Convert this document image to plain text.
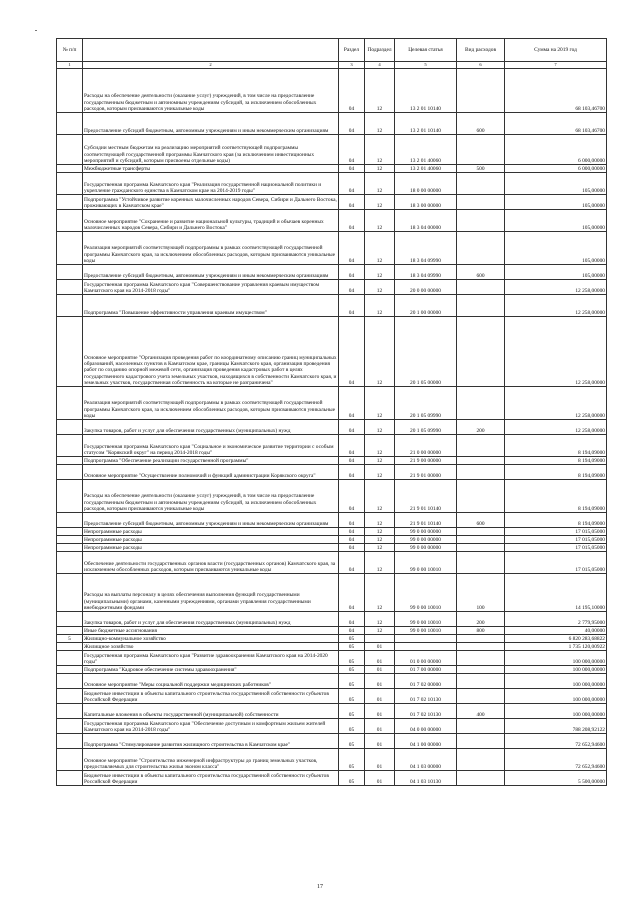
№ п/п		Раздел	Подраздел	Целевая статья	Вид расходов	Сумма на 2019 год
1	2	3	4	5	6	7
	Расходы на обеспечение деятельности (оказание услуг) учреждений, в том числе на предоставление государственным бюджетным и автономным учреждениям субсидий, за исключением обособленных расходов, которым присваиваются уникальные коды	04	12	13 2 01 10140		68 103,46700
	Предоставление субсидий бюджетным, автономным учреждениям и иным некоммерческим организациям	04	12	13 2 01 10140	600	68 103,46700
	Субсидии местным бюджетам на реализацию мероприятий соответствующей подпрограммы соответствующей государственной программы Камчатского края (за исключением инвестиционных мероприятий и субсидий, которым присвоены отдельные коды)	04	12	13 2 01 40060		6 000,00000
	Межбюджетные трансферты	04	12	13 2 01 40060	500	6 000,00000
	Государственная программа Камчатского края "Реализация государственной национальной политики и укрепление гражданского единства в Камчатском крае на 2014-2019 годы"	04	12	18 0 00 00000		105,00000
	Подпрограмма "Устойчивое развитие коренных малочисленных народов Севера, Сибири и Дальнего Востока, проживающих в Камчатском крае"	04	12	18 3 00 00000		105,00000
	Основное мероприятие "Сохранение и развитие национальной культуры, традиций и обычаев коренных малочисленных народов Севера, Сибири и Дальнего Востока"	04	12	18 3 04 00000		105,00000
	Реализация мероприятий соответствующей подпрограммы в рамках соответствующей государственной программы Камчатского края, за исключением обособленных расходов, которым присваиваются уникальные коды	04	12	18 3 04 09990		105,00000
	Предоставление субсидий бюджетным, автономным учреждениям и иным некоммерческим организациям	04	12	18 3 04 09990	600	105,00000
	Государственная программа Камчатского края "Совершенствование управления краевым имуществом Камчатского края на 2014-2018 годы"	04	12	20 0 00 00000		12 258,00000
	Подпрограмма "Повышение эффективности управления краевым имуществом"	04	12	20 1 00 00000		12 258,00000
	Основное мероприятие "Организация проведения работ по координатному описанию границ муниципальных образований, населенных пунктов в Камчатском крае, границы Камчатского края, организация проведения работ по созданию опорной межевой сети, организация проведения кадастровых работ в целях государственного кадастрового учета земельных участков, находящихся в собственности Камчатского края, и земельных участков, государственная собственность на которые не разграничена"	04	12	20 1 05 00000		12 258,00000
	Реализация мероприятий соответствующей подпрограммы в рамках соответствующей государственной программы Камчатского края, за исключением обособленных расходов, которым присваиваются уникальные коды	04	12	20 1 05 09990		12 258,00000
	Закупка товаров, работ и услуг для обеспечения государственных (муниципальных) нужд	04	12	20 1 05 09990	200	12 258,00000
	Государственная программа Камчатского края "Социальное и экономическое развитие территории с особым статусом "Корякский округ" на период 2014-2018 годы"	04	12	21 0 00 00000		8 194,09000
	Подпрограмма "Обеспечение реализации государственной программы"	04	12	21 9 00 00000		8 194,09000
	Основное мероприятие "Осуществление полномочий и функций администрации Корякского округа"	04	12	21 9 01 00000		8 194,09000
	Расходы на обеспечение деятельности (оказание услуг) учреждений, в том числе на предоставление государственным бюджетным и автономным учреждениям субсидий, за исключением обособленных расходов, которым присваиваются уникальные коды	04	12	21 9 01 10140		8 194,09000
	Предоставление субсидий бюджетным, автономным учреждениям и иным некоммерческим организациям	04	12	21 9 01 10140	600	8 194,09000
	Непрограммные расходы	04	12	99 0 00 00000		17 015,05000
	Непрограммные расходы	04	12	99 0 00 00000		17 015,05000
	Непрограммные расходы	04	12	99 0 00 00000		17 015,05000
	Обеспечение деятельности государственных органов власти (государственных органов) Камчатского края, за исключением обособленных расходов, которым присваиваются уникальные коды	04	12	99 0 00 10010		17 015,05000
	Расходы на выплаты персоналу в целях обеспечения выполнения функций государственными (муниципальными) органами, казенными учреждениями, органами управления государственными внебюджетными фондами	04	12	99 0 00 10010	100	14 195,10000
	Закупка товаров, работ и услуг для обеспечения государственных (муниципальных) нужд	04	12	99 0 00 10010	200	2 779,95000
	Иные бюджетные ассигнования	04	12	99 0 00 10010	800	40,00000
5	Жилищно-коммунальное хозяйство	05				6 820 283,68822
	Жилищное хозяйство	05	01			1 735 120,00922
	Государственная программа Камчатского края "Развитие здравоохранения Камчатского края на 2014-2020 годы"	05	01	01 0 00 00000		100 000,00000
	Подпрограмма "Кадровое обеспечение системы здравоохранения"	05	01	01 7 00 00000		100 000,00000
	Основное мероприятие "Меры социальной поддержки медицинских работников"	05	01	01 7 02 00000		100 000,00000
	Бюджетные инвестиции в объекты капитального строительства государственной собственности субъектов Российской Федерации	05	01	01 7 02 10130		100 000,00000
	Капитальные вложения в объекты государственной (муниципальной) собственности	05	01	01 7 02 10130	400	100 000,00000
	Государственная программа Камчатского края "Обеспечение доступным и комфортным жильем жителей Камчатского края на 2014-2018 годы"	05	01	04 0 00 00000		788 208,92122
	Подпрограмма "Стимулирование развития жилищного строительства в Камчатском крае"	05	01	04 1 00 00000		72 652,94600
	Основное мероприятие "Строительство инженерной инфраструктуры до границ земельных участков, предоставляемых для строительства жилья эконом класса"	05	01	04 1 03 00000		72 652,94600
	Бюджетные инвестиции в объекты капитального строительства государственной собственности субъектов Российской Федерации	05	01	04 1 03 10130		5 500,00000
17
